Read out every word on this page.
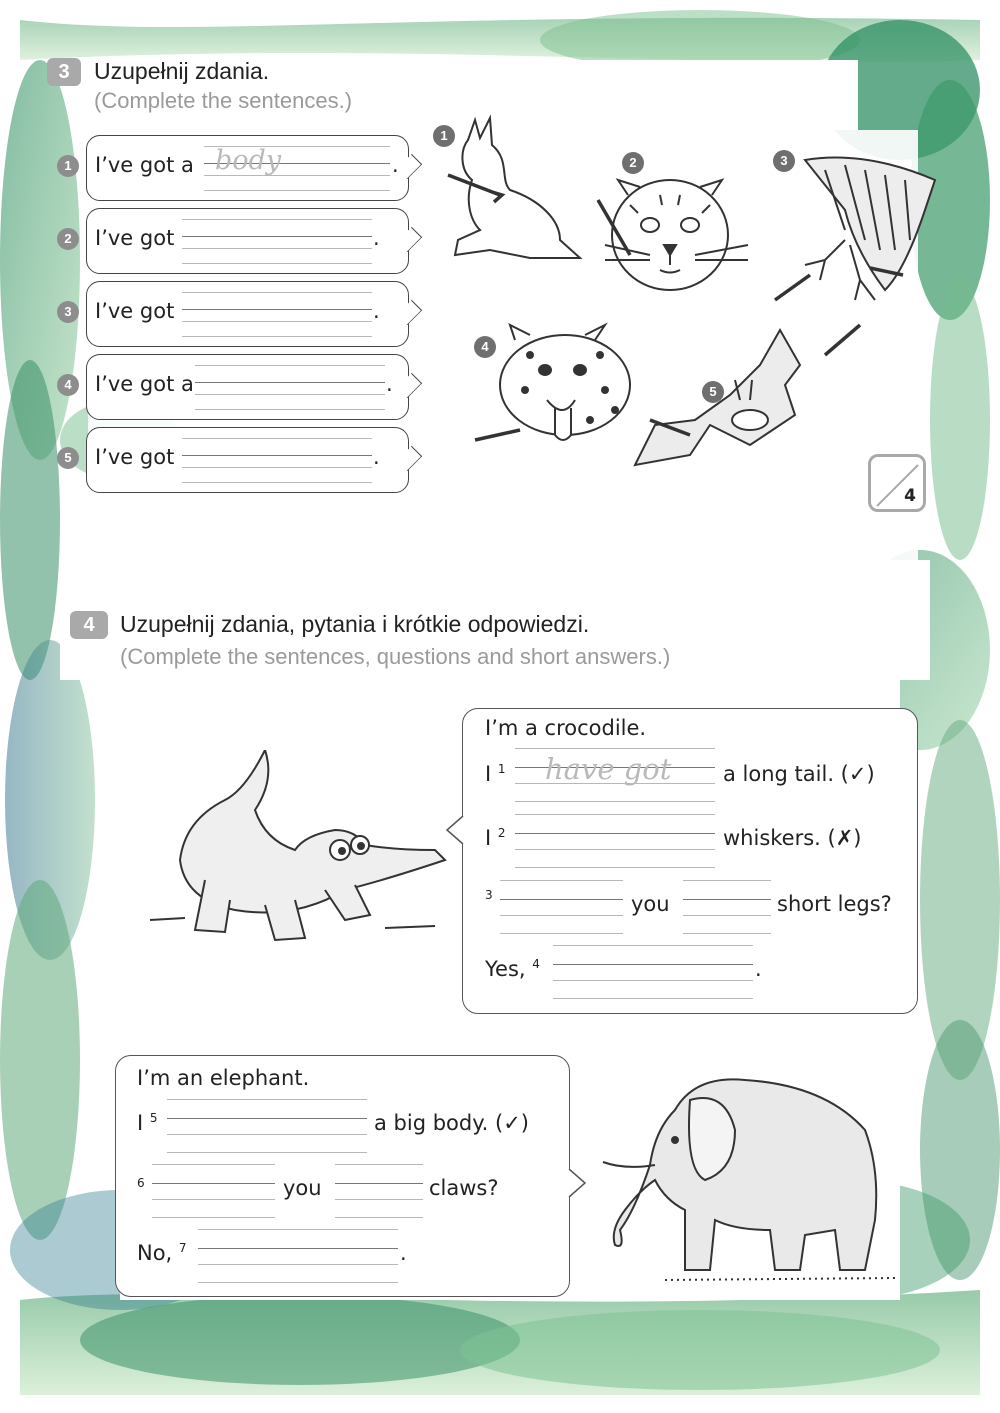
3	Uzupełnij zdania.
(Complete the sentences.)
1	I’ve got a body	.
2	I’ve got	.
3	I’ve got	.
4	I’ve got a	.
5	I’ve got	.
1
2	3
4
5
4
4	Uzupełnij zdania, pytania i krótkie odpowiedzi.
(Complete the sentences, questions and short answers.)
I’m a crocodile.
I $^1$ have got a long tail. (✓)
I $^2$	whiskers. (✗)
$^3$	you	short legs?
Yes, $^4$	.
I’m an elephant.
I $^5$	a big body. (✓)
$^6$	you	claws?
No, $^7$	.
